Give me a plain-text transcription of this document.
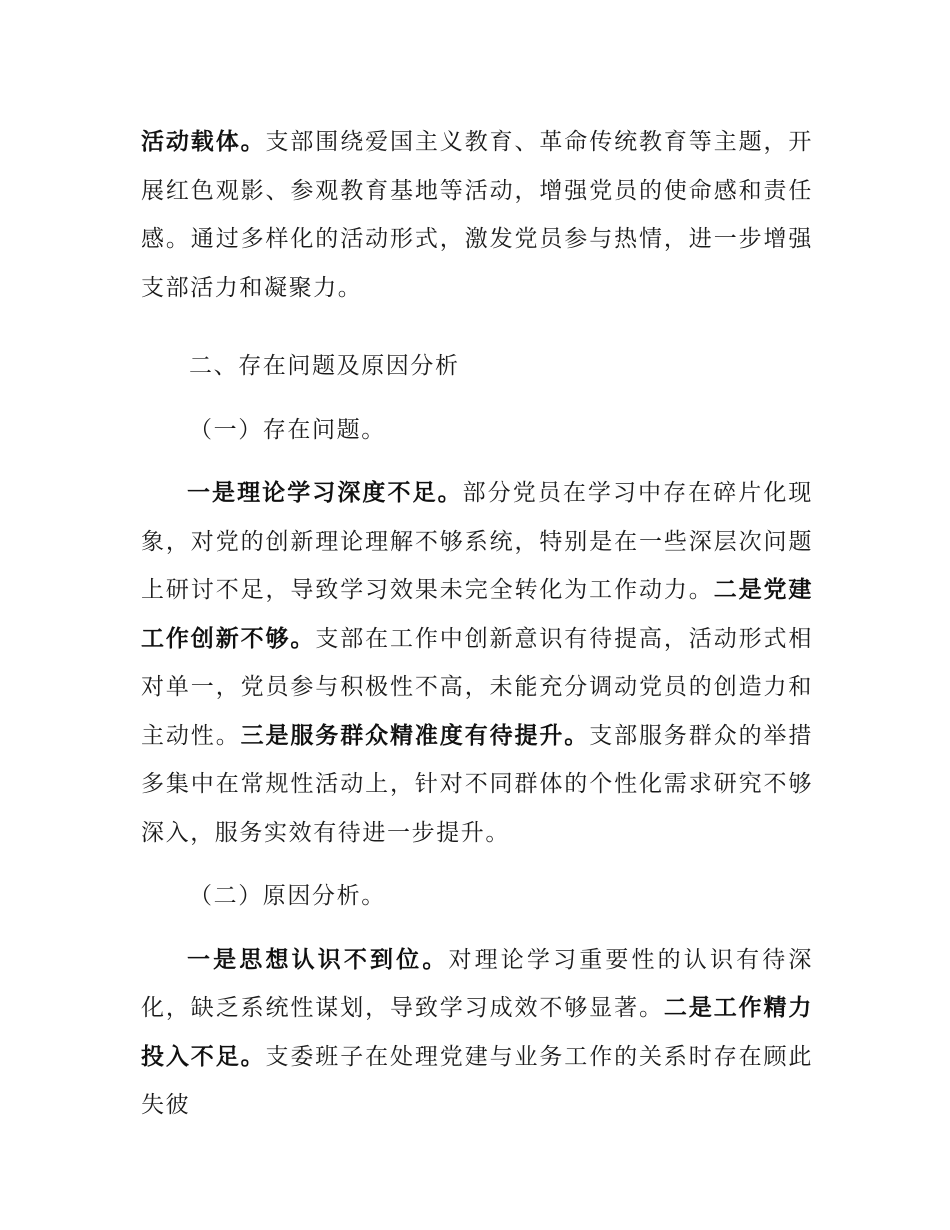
活动载体。支部围绕爱国主义教育、革命传统教育等主题，开展红色观影、参观教育基地等活动，增强党员的使命感和责任感。通过多样化的活动形式，激发党员参与热情，进一步增强支部活力和凝聚力。

二、存在问题及原因分析

（一）存在问题。

一是理论学习深度不足。部分党员在学习中存在碎片化现象，对党的创新理论理解不够系统，特别是在一些深层次问题上研讨不足，导致学习效果未完全转化为工作动力。二是党建工作创新不够。支部在工作中创新意识有待提高，活动形式相对单一，党员参与积极性不高，未能充分调动党员的创造力和主动性。三是服务群众精准度有待提升。支部服务群众的举措多集中在常规性活动上，针对不同群体的个性化需求研究不够深入，服务实效有待进一步提升。

（二）原因分析。

一是思想认识不到位。对理论学习重要性的认识有待深化，缺乏系统性谋划，导致学习成效不够显著。二是工作精力投入不足。支委班子在处理党建与业务工作的关系时存在顾此失彼
